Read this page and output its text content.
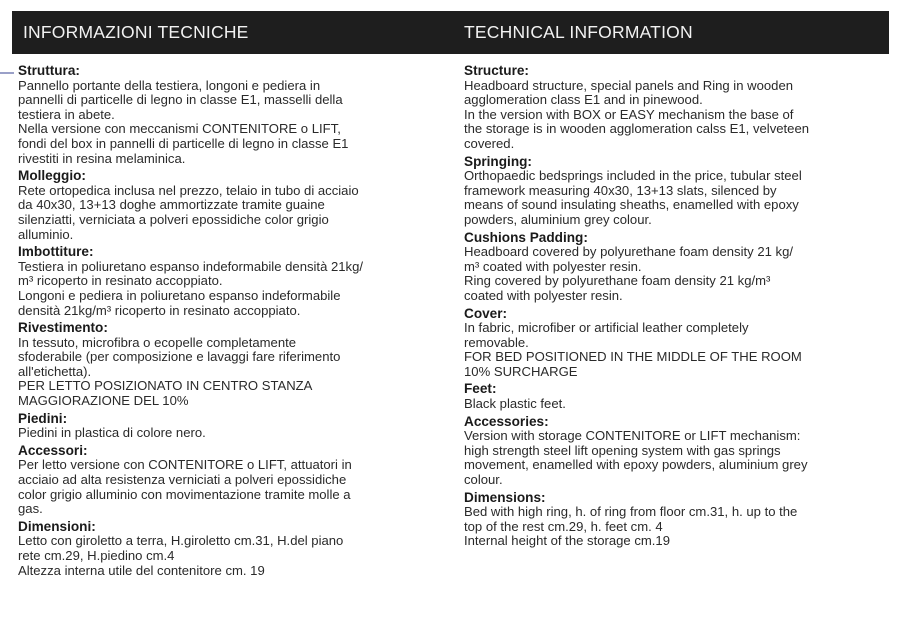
INFORMAZIONI TECNICHE	TECHNICAL INFORMATION
Struttura:
Pannello portante della testiera, longoni e pediera in
pannelli di particelle di legno in classe E1, masselli della
testiera in abete.
Nella versione con meccanismi CONTENITORE o LIFT,
fondi del box in pannelli di particelle di legno in classe E1
rivestiti in resina melaminica.
Molleggio:
Rete ortopedica inclusa nel prezzo, telaio in tubo di acciaio
da 40x30, 13+13 doghe ammortizzate tramite guaine
silenziatti, verniciata a polveri epossidiche color grigio
alluminio.
Imbottiture:
Testiera in poliuretano espanso indeformabile densità 21kg/
m³ ricoperto in resinato accoppiato.
Longoni e pediera in poliuretano espanso indeformabile
densità 21kg/m³ ricoperto in resinato accoppiato.
Rivestimento:
In tessuto, microfibra o ecopelle completamente
sfoderabile (per composizione e lavaggi fare riferimento
all'etichetta).
PER LETTO POSIZIONATO IN CENTRO STANZA
MAGGIORAZIONE DEL 10%
Piedini:
Piedini in plastica di colore nero.
Accessori:
Per letto versione con CONTENITORE o LIFT, attuatori in
acciaio ad alta resistenza verniciati a polveri epossidiche
color grigio alluminio con movimentazione tramite molle a
gas.
Dimensioni:
Letto con giroletto a terra, H.giroletto cm.31, H.del piano
rete cm.29, H.piedino cm.4
Altezza interna utile del contenitore cm. 19
Structure:
Headboard structure, special panels and Ring in wooden
agglomeration class E1 and in pinewood.
In the version with BOX or EASY mechanism the base of
the storage is in wooden agglomeration calss E1, velveteen
covered.
Springing:
Orthopaedic bedsprings included in the price, tubular steel
framework measuring 40x30, 13+13 slats, silenced by
means of sound insulating sheaths, enamelled with epoxy
powders, aluminium grey colour.
Cushions Padding:
Headboard covered by polyurethane foam density 21 kg/
m³ coated with polyester resin.
Ring covered by polyurethane foam density 21 kg/m³
coated with polyester resin.
Cover:
In fabric, microfiber or artificial leather completely
removable.
FOR BED POSITIONED IN THE MIDDLE OF THE ROOM
10% SURCHARGE
Feet:
Black plastic feet.
Accessories:
Version with storage CONTENITORE or LIFT mechanism:
high strength steel lift opening system with gas springs
movement, enamelled with epoxy powders, aluminium grey
colour.
Dimensions:
Bed with high ring, h. of ring from floor cm.31, h. up to the
top of the rest cm.29, h. feet cm. 4
Internal height of the storage cm.19
